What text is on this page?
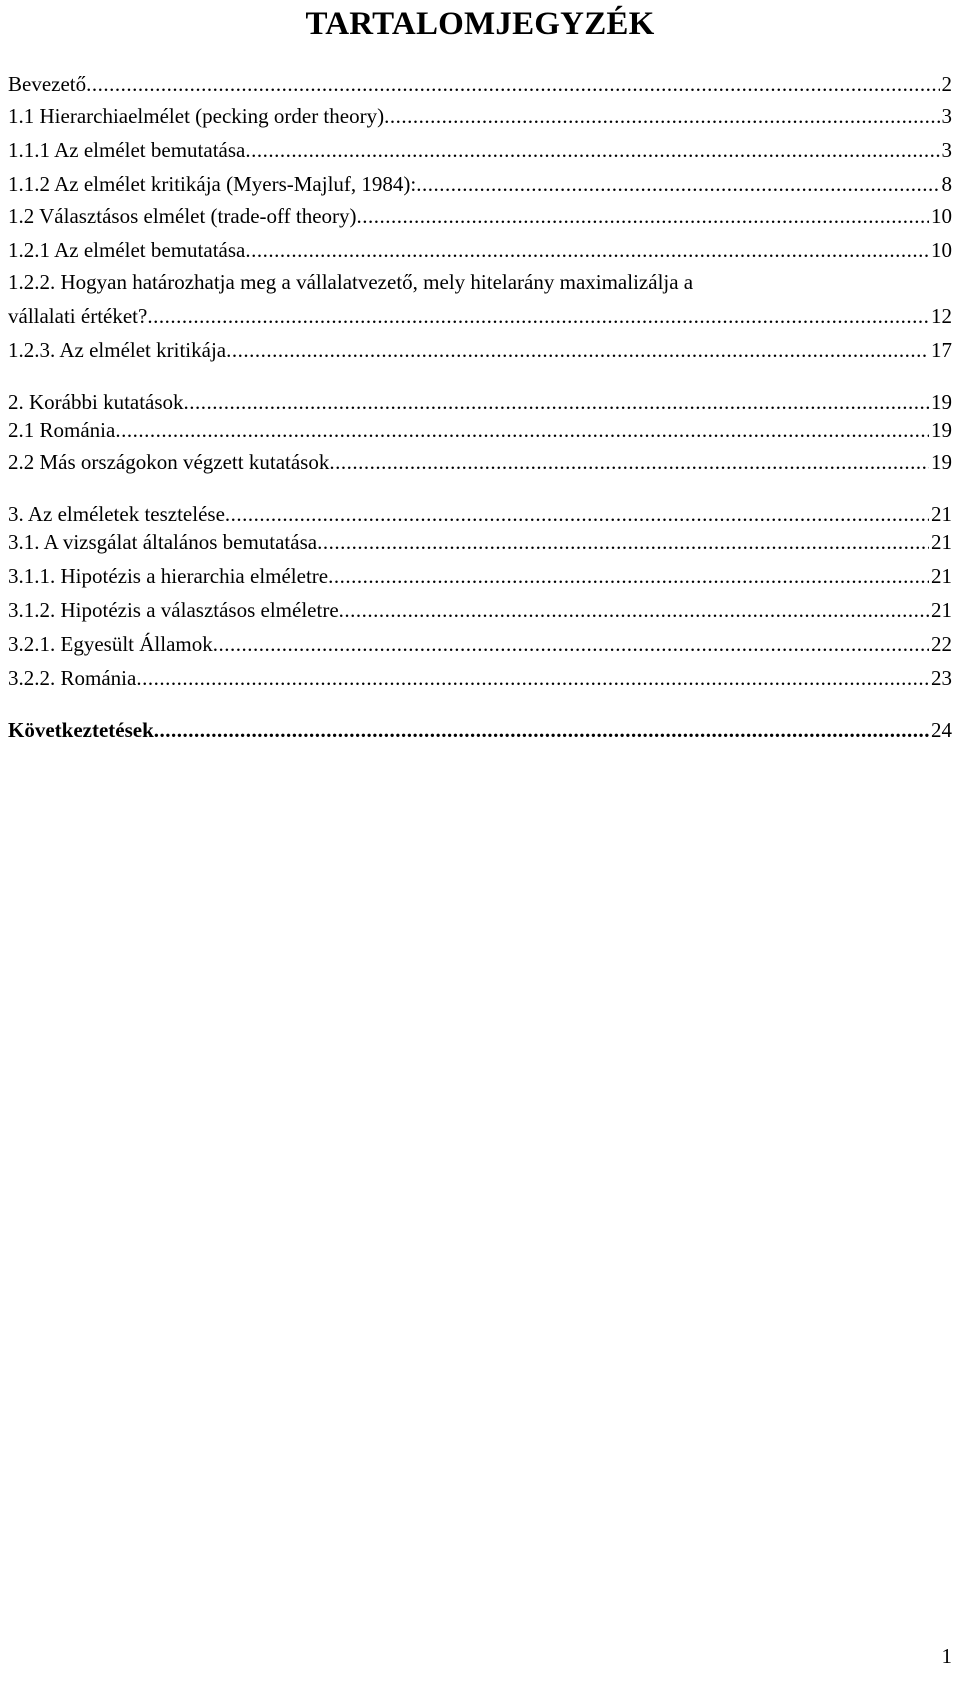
TARTALOMJEGYZÉK
Bevezető .....	2
1.1 Hierarchiaelmélet (pecking order theory) .....	3
1.1.1 Az elmélet bemutatása .....	3
1.1.2 Az elmélet kritikája (Myers-Majluf, 1984): .....	8
1.2 Választásos elmélet (trade-off theory) .....	10
1.2.1 Az elmélet bemutatása .....	10
1.2.2. Hogyan határozhatja meg a vállalatvezető, mely hitelarány maximalizálja a
vállalati értéket? .....	12
1.2.3. Az elmélet kritikája .....	17
2. Korábbi kutatások .....	19
2.1 Románia .....	19
2.2 Más országokon végzett kutatások .....	19
3. Az elméletek tesztelése .....	21
3.1. A vizsgálat általános bemutatása .....	21
3.1.1. Hipotézis a hierarchia elméletre .....	21
3.1.2. Hipotézis a választásos elméletre .....	21
3.2.1. Egyesült Államok .....	22
3.2.2. Románia .....	23
Következtetések .....	24
1
